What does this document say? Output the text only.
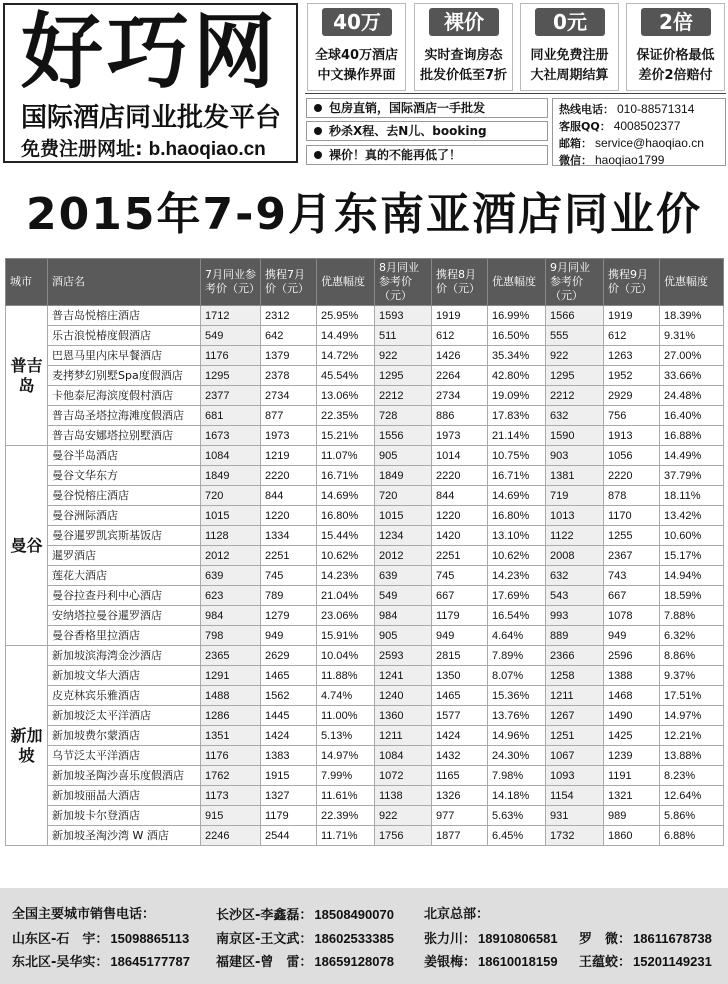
好巧网
国际酒店同业批发平台
免费注册网址: b.haoqiao.cn
40万
全球40万酒店
中文操作界面
裸价
实时查询房态
批发价低至7折
0元
同业免费注册
大社周期结算
2倍
保证价格最低
差价2倍赔付
包房直销，国际酒店一手批发
秒杀X程、去N儿、booking
裸价！真的不能再低了！
热线电话： 010-88571314
客服QQ： 4008502377
邮箱： service@haoqiao.cn
微信： haoqiao1799
2015年7-9月东南亚酒店同业价
城市	酒店名	7月同业参考价（元）	携程7月价（元）	优惠幅度	8月同业参考价（元）	携程8月价（元）	优惠幅度	9月同业参考价（元）	携程9月价（元）	优惠幅度
普吉岛	普吉岛悦榕庄酒店	1712	2312	25.95%	1593	1919	16.99%	1566	1919	18.39%
	乐古浪悦椿度假酒店	549	642	14.49%	511	612	16.50%	555	612	9.31%
	巴恩马里内床早餐酒店	1176	1379	14.72%	922	1426	35.34%	922	1263	27.00%
	麦拷梦幻别墅Spa度假酒店	1295	2378	45.54%	1295	2264	42.80%	1295	1952	33.66%
	卡他泰尼海滨度假村酒店	2377	2734	13.06%	2212	2734	19.09%	2212	2929	24.48%
	普吉岛圣塔拉海滩度假酒店	681	877	22.35%	728	886	17.83%	632	756	16.40%
	普吉岛安娜塔拉别墅酒店	1673	1973	15.21%	1556	1973	21.14%	1590	1913	16.88%
曼谷	曼谷半岛酒店	1084	1219	11.07%	905	1014	10.75%	903	1056	14.49%
	曼谷文华东方	1849	2220	16.71%	1849	2220	16.71%	1381	2220	37.79%
	曼谷悦榕庄酒店	720	844	14.69%	720	844	14.69%	719	878	18.11%
	曼谷洲际酒店	1015	1220	16.80%	1015	1220	16.80%	1013	1170	13.42%
	曼谷暹罗凯宾斯基饭店	1128	1334	15.44%	1234	1420	13.10%	1122	1255	10.60%
	暹罗酒店	2012	2251	10.62%	2012	2251	10.62%	2008	2367	15.17%
	莲花大酒店	639	745	14.23%	639	745	14.23%	632	743	14.94%
	曼谷拉查丹利中心酒店	623	789	21.04%	549	667	17.69%	543	667	18.59%
	安纳塔拉曼谷暹罗酒店	984	1279	23.06%	984	1179	16.54%	993	1078	7.88%
	曼谷香格里拉酒店	798	949	15.91%	905	949	4.64%	889	949	6.32%
新加坡	新加坡滨海湾金沙酒店	2365	2629	10.04%	2593	2815	7.89%	2366	2596	8.86%
	新加坡文华大酒店	1291	1465	11.88%	1241	1350	8.07%	1258	1388	9.37%
	皮克林宾乐雅酒店	1488	1562	4.74%	1240	1465	15.36%	1211	1468	17.51%
	新加坡泛太平洋酒店	1286	1445	11.00%	1360	1577	13.76%	1267	1490	14.97%
	新加坡费尔蒙酒店	1351	1424	5.13%	1211	1424	14.96%	1251	1425	12.21%
	乌节泛太平洋酒店	1176	1383	14.97%	1084	1432	24.30%	1067	1239	13.88%
	新加坡圣陶沙喜乐度假酒店	1762	1915	7.99%	1072	1165	7.98%	1093	1191	8.23%
	新加坡丽晶大酒店	1173	1327	11.61%	1138	1326	14.18%	1154	1321	12.64%
	新加坡卡尔登酒店	915	1179	22.39%	922	977	5.63%	931	989	5.86%
	新加坡圣淘沙湾 W 酒店	2246	2544	11.71%	1756	1877	6.45%	1732	1860	6.88%
全国主要城市销售电话：	长沙区-李鑫磊： 18508490070 北京总部：
山东区-石　宇： 15098865113 南京区-王文武： 18602533385 张力川： 18910806581 罗　微： 18611678738
东北区-吴华实： 18645177787 福建区-曾　雷： 18659128078 姜银梅： 18610018159 王蕴蛟： 15201149231
